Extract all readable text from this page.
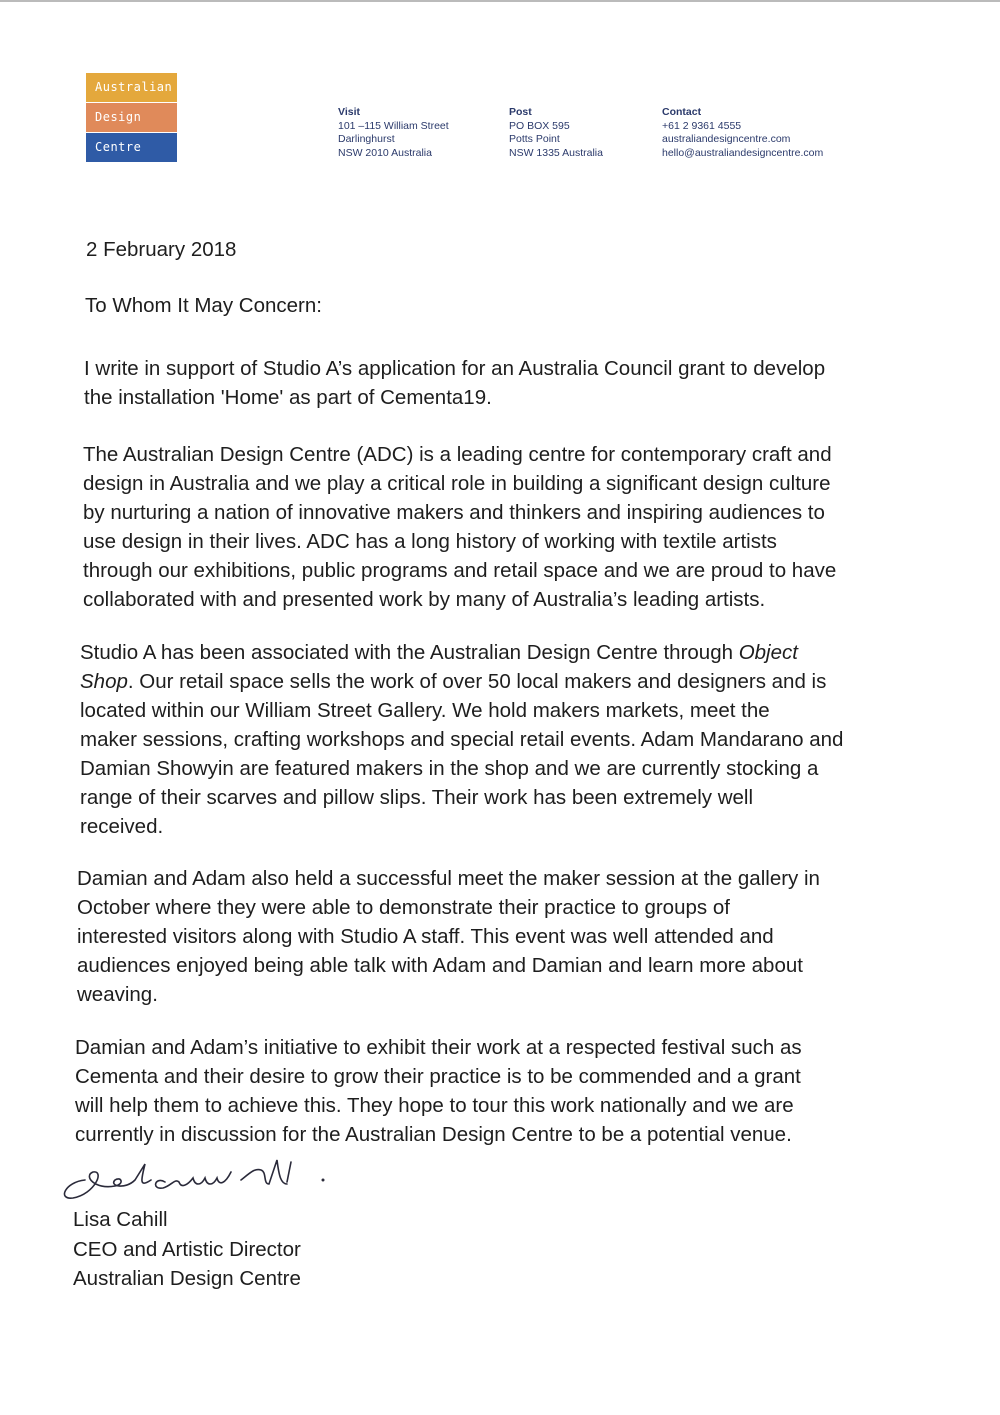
Australian
Design
Centre
Visit
101 –115 William Street
Darlinghurst
NSW 2010 Australia
Post
PO BOX 595
Potts Point
NSW 1335 Australia
Contact
+61 2 9361 4555
australiandesigncentre.com
hello@australiandesigncentre.com
2 February 2018
To Whom It May Concern:
I write in support of Studio A’s application for an Australia Council grant to develop
the installation 'Home' as part of Cementa19.
The Australian Design Centre (ADC) is a leading centre for contemporary craft and
design in Australia and we play a critical role in building a significant design culture
by nurturing a nation of innovative makers and thinkers and inspiring audiences to
use design in their lives. ADC has a long history of working with textile artists
through our exhibitions, public programs and retail space and we are proud to have
collaborated with and presented work by many of Australia’s leading artists.
Studio A has been associated with the Australian Design Centre through Object
Shop. Our retail space sells the work of over 50 local makers and designers and is
located within our William Street Gallery. We hold makers markets, meet the
maker sessions, crafting workshops and special retail events. Adam Mandarano and
Damian Showyin are featured makers in the shop and we are currently stocking a
range of their scarves and pillow slips. Their work has been extremely well
received.
Damian and Adam also held a successful meet the maker session at the gallery in
October where they were able to demonstrate their practice to groups of
interested visitors along with Studio A staff. This event was well attended and
audiences enjoyed being able talk with Adam and Damian and learn more about
weaving.
Damian and Adam’s initiative to exhibit their work at a respected festival such as
Cementa and their desire to grow their practice is to be commended and a grant
will help them to achieve this. They hope to tour this work nationally and we are
currently in discussion for the Australian Design Centre to be a potential venue.
Lisa Cahill
CEO and Artistic Director
Australian Design Centre
